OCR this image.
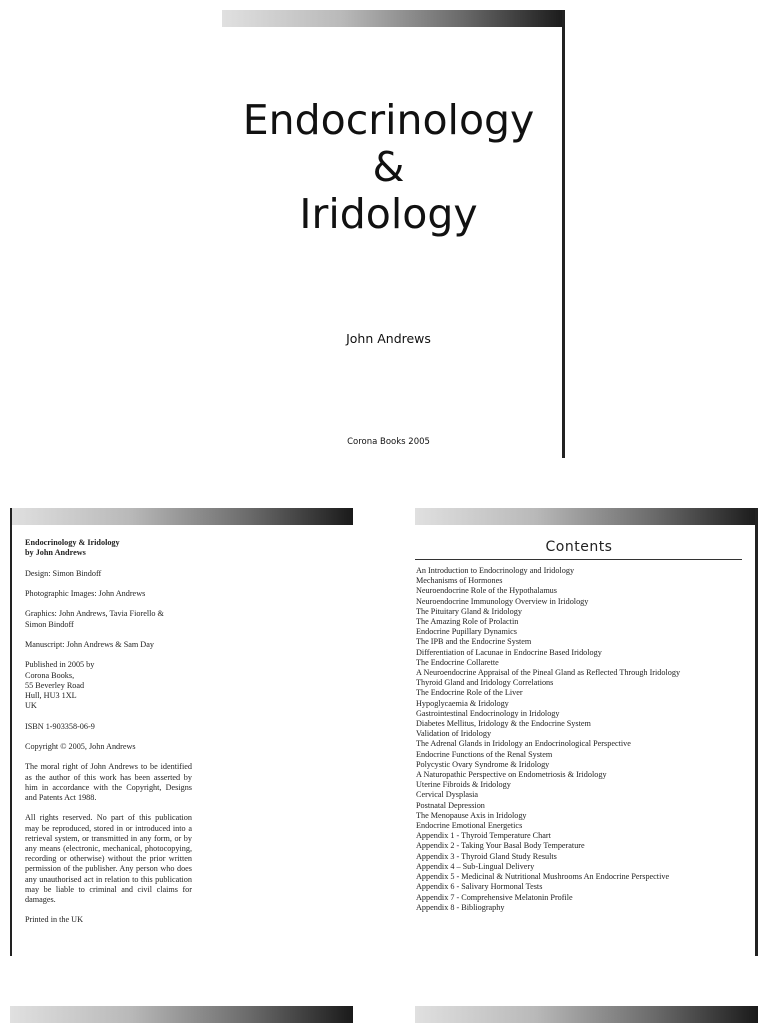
Endocrinology
&
Iridology
John Andrews
Corona Books 2005

Endocrinology & Iridology
by John Andrews

Design: Simon Bindoff

Photographic Images: John Andrews

Graphics: John Andrews, Tavia Fiorello &
Simon Bindoff

Manuscript: John Andrews & Sam Day

Published in 2005 by
Corona Books,
55 Beverley Road
Hull, HU3 1XL
UK

ISBN 1-903358-06-9

Copyright © 2005, John Andrews

The moral right of John Andrews to be identified as the author of this work has been asserted by him in accordance with the Copyright, Designs and Patents Act 1988.

All rights reserved. No part of this publication may be reproduced, stored in or introduced into a retrieval system, or transmitted in any form, or by any means (electronic, mechanical, photocopying, recording or otherwise) without the prior written permission of the publisher. Any person who does any unauthorised act in relation to this publication may be liable to criminal and civil claims for damages.

Printed in the UK

Contents
An Introduction to Endocrinology and Iridology
Mechanisms of Hormones
Neuroendocrine Role of the Hypothalamus
Neuroendocrine Immunology Overview in Iridology
The Pituitary Gland & Iridology
The Amazing Role of Prolactin
Endocrine Pupillary Dynamics
The IPB and the Endocrine System
Differentiation of Lacunae in Endocrine Based Iridology
The Endocrine Collarette
A Neuroendocrine Appraisal of the Pineal Gland as Reflected Through Iridology
Thyroid Gland and Iridology Correlations
The Endocrine Role of the Liver
Hypoglycaemia & Iridology
Gastrointestinal Endocrinology in Iridology
Diabetes Mellitus, Iridology & the Endocrine System
Validation of Iridology
The Adrenal Glands in Iridology an Endocrinological Perspective
Endocrine Functions of the Renal System
Polycystic Ovary Syndrome & Iridology
A Naturopathic Perspective on Endometriosis & Iridology
Uterine Fibroids & Iridology
Cervical Dysplasia
Postnatal Depression
The Menopause Axis in Iridology
Endocrine Emotional Energetics
Appendix 1 - Thyroid Temperature Chart
Appendix 2 - Taking Your Basal Body Temperature
Appendix 3 - Thyroid Gland Study Results
Appendix 4 – Sub-Lingual Delivery
Appendix 5 - Medicinal & Nutritional Mushrooms An Endocrine Perspective
Appendix 6 - Salivary Hormonal Tests
Appendix 7 - Comprehensive Melatonin Profile
Appendix 8 - Bibliography
